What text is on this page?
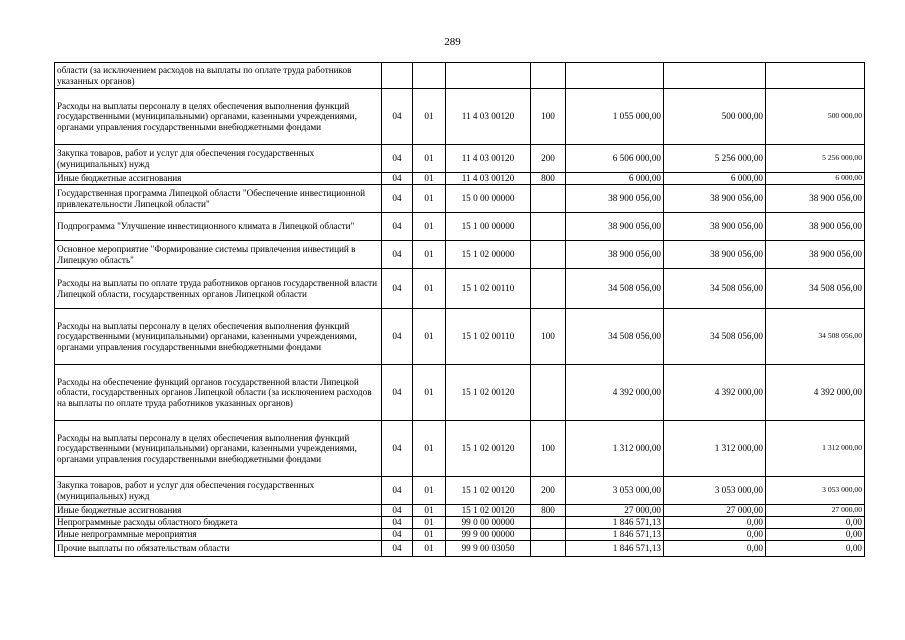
289
области (за исключением расходов на выплаты по оплате труда работников указанных органов)							
Расходы на выплаты персоналу в целях обеспечения выполнения функций государственными (муниципальными) органами, казенными учреждениями, органами управления государственными внебюджетными фондами	04	01	11 4 03 00120	100	1 055 000,00	500 000,00	500 000,00
Закупка товаров, работ и услуг для обеспечения государственных (муниципальных) нужд	04	01	11 4 03 00120	200	6 506 000,00	5 256 000,00	5 256 000,00
Иные бюджетные ассигнования	04	01	11 4 03 00120	800	6 000,00	6 000,00	6 000,00
Государственная программа Липецкой области "Обеспечение инвестиционной привлекательности Липецкой области"	04	01	15 0 00 00000		38 900 056,00	38 900 056,00	38 900 056,00
Подпрограмма "Улучшение инвестиционного климата в Липецкой области"	04	01	15 1 00 00000		38 900 056,00	38 900 056,00	38 900 056,00
Основное мероприятие "Формирование системы привлечения инвестиций в Липецкую область"	04	01	15 1 02 00000		38 900 056,00	38 900 056,00	38 900 056,00
Расходы на выплаты по оплате труда работников органов государственной власти Липецкой области, государственных органов Липецкой области	04	01	15 1 02 00110		34 508 056,00	34 508 056,00	34 508 056,00
Расходы на выплаты персоналу в целях обеспечения выполнения функций государственными (муниципальными) органами, казенными учреждениями, органами управления государственными внебюджетными фондами	04	01	15 1 02 00110	100	34 508 056,00	34 508 056,00	34 508 056,00
Расходы на обеспечение функций органов государственной власти Липецкой области, государственных органов Липецкой области (за исключением расходов на выплаты по оплате труда работников указанных органов)	04	01	15 1 02 00120		4 392 000,00	4 392 000,00	4 392 000,00
Расходы на выплаты персоналу в целях обеспечения выполнения функций государственными (муниципальными) органами, казенными учреждениями, органами управления государственными внебюджетными фондами	04	01	15 1 02 00120	100	1 312 000,00	1 312 000,00	1 312 000,00
Закупка товаров, работ и услуг для обеспечения государственных (муниципальных) нужд	04	01	15 1 02 00120	200	3 053 000,00	3 053 000,00	3 053 000,00
Иные бюджетные ассигнования	04	01	15 1 02 00120	800	27 000,00	27 000,00	27 000,00
Непрограммные расходы областного бюджета	04	01	99 0 00 00000		1 846 571,13	0,00	0,00
Иные непрограммные мероприятия	04	01	99 9 00 00000		1 846 571,13	0,00	0,00
Прочие выплаты по обязательствам области	04	01	99 9 00 03050		1 846 571,13	0,00	0,00
